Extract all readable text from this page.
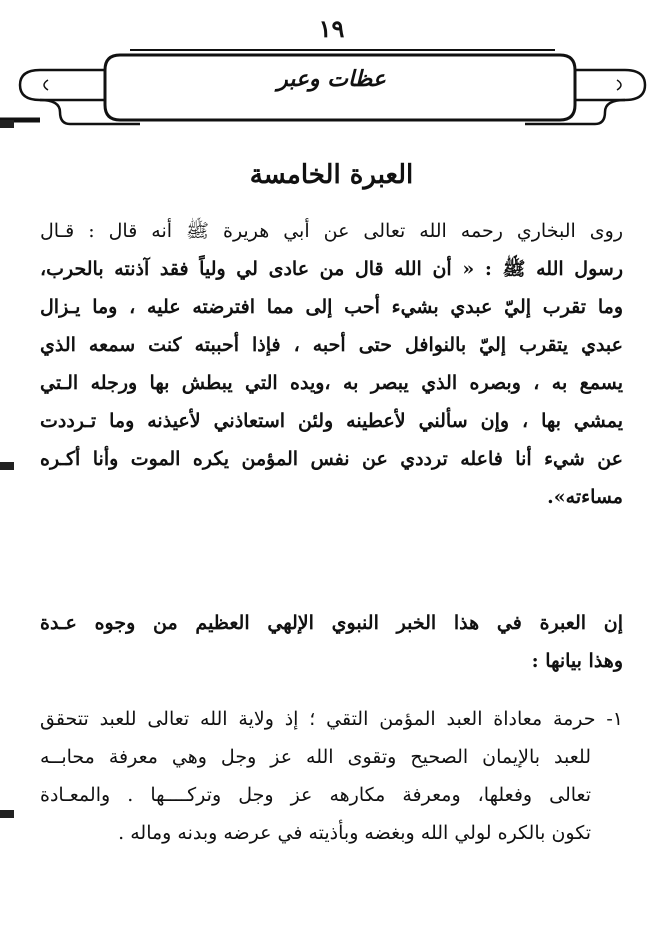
١٩
عظات وعبر
العبرة الخامسة
روى البخاري رحمه الله تعالى عن أبي هريرة ﷺ أنه قال : قـال
رسول الله ﷺ : « أن الله قال من عادى لي ولياً فقد آذنته بالحرب،
وما تقرب إليّ عبدي بشيء أحب إلى مما افترضته عليه ، وما يـزال
عبدي يتقرب إليّ بالنوافل حتى أحبه ، فإذا أحببته كنت سمعه الذي
يسمع به ، وبصره الذي يبصر به ،ويده التي يبطش بها ورجله الـتي
يمشي بها ، وإن سألني لأعطينه ولئن استعاذني لأعيذنه وما تـرددت
عن شيء أنا فاعله ترددي عن نفس المؤمن يكره الموت وأنا أكـره
مساءته».
إن العبرة في هذا الخبر النبوي الإلهي العظيم من وجوه عـدة
وهذا بيانها :
١- حرمة معاداة العبد المؤمن التقي ؛ إذ ولاية الله تعالى للعبد تتحقق
للعبد بالإيمان الصحيح وتقوى الله عز وجل وهي معرفة محابــه
تعالى وفعلها، ومعرفة مكارهه عز وجل وتركــــها . والمعـادة
تكون بالكره لولي الله وبغضه وبأذيته في عرضه وبدنه وماله .
